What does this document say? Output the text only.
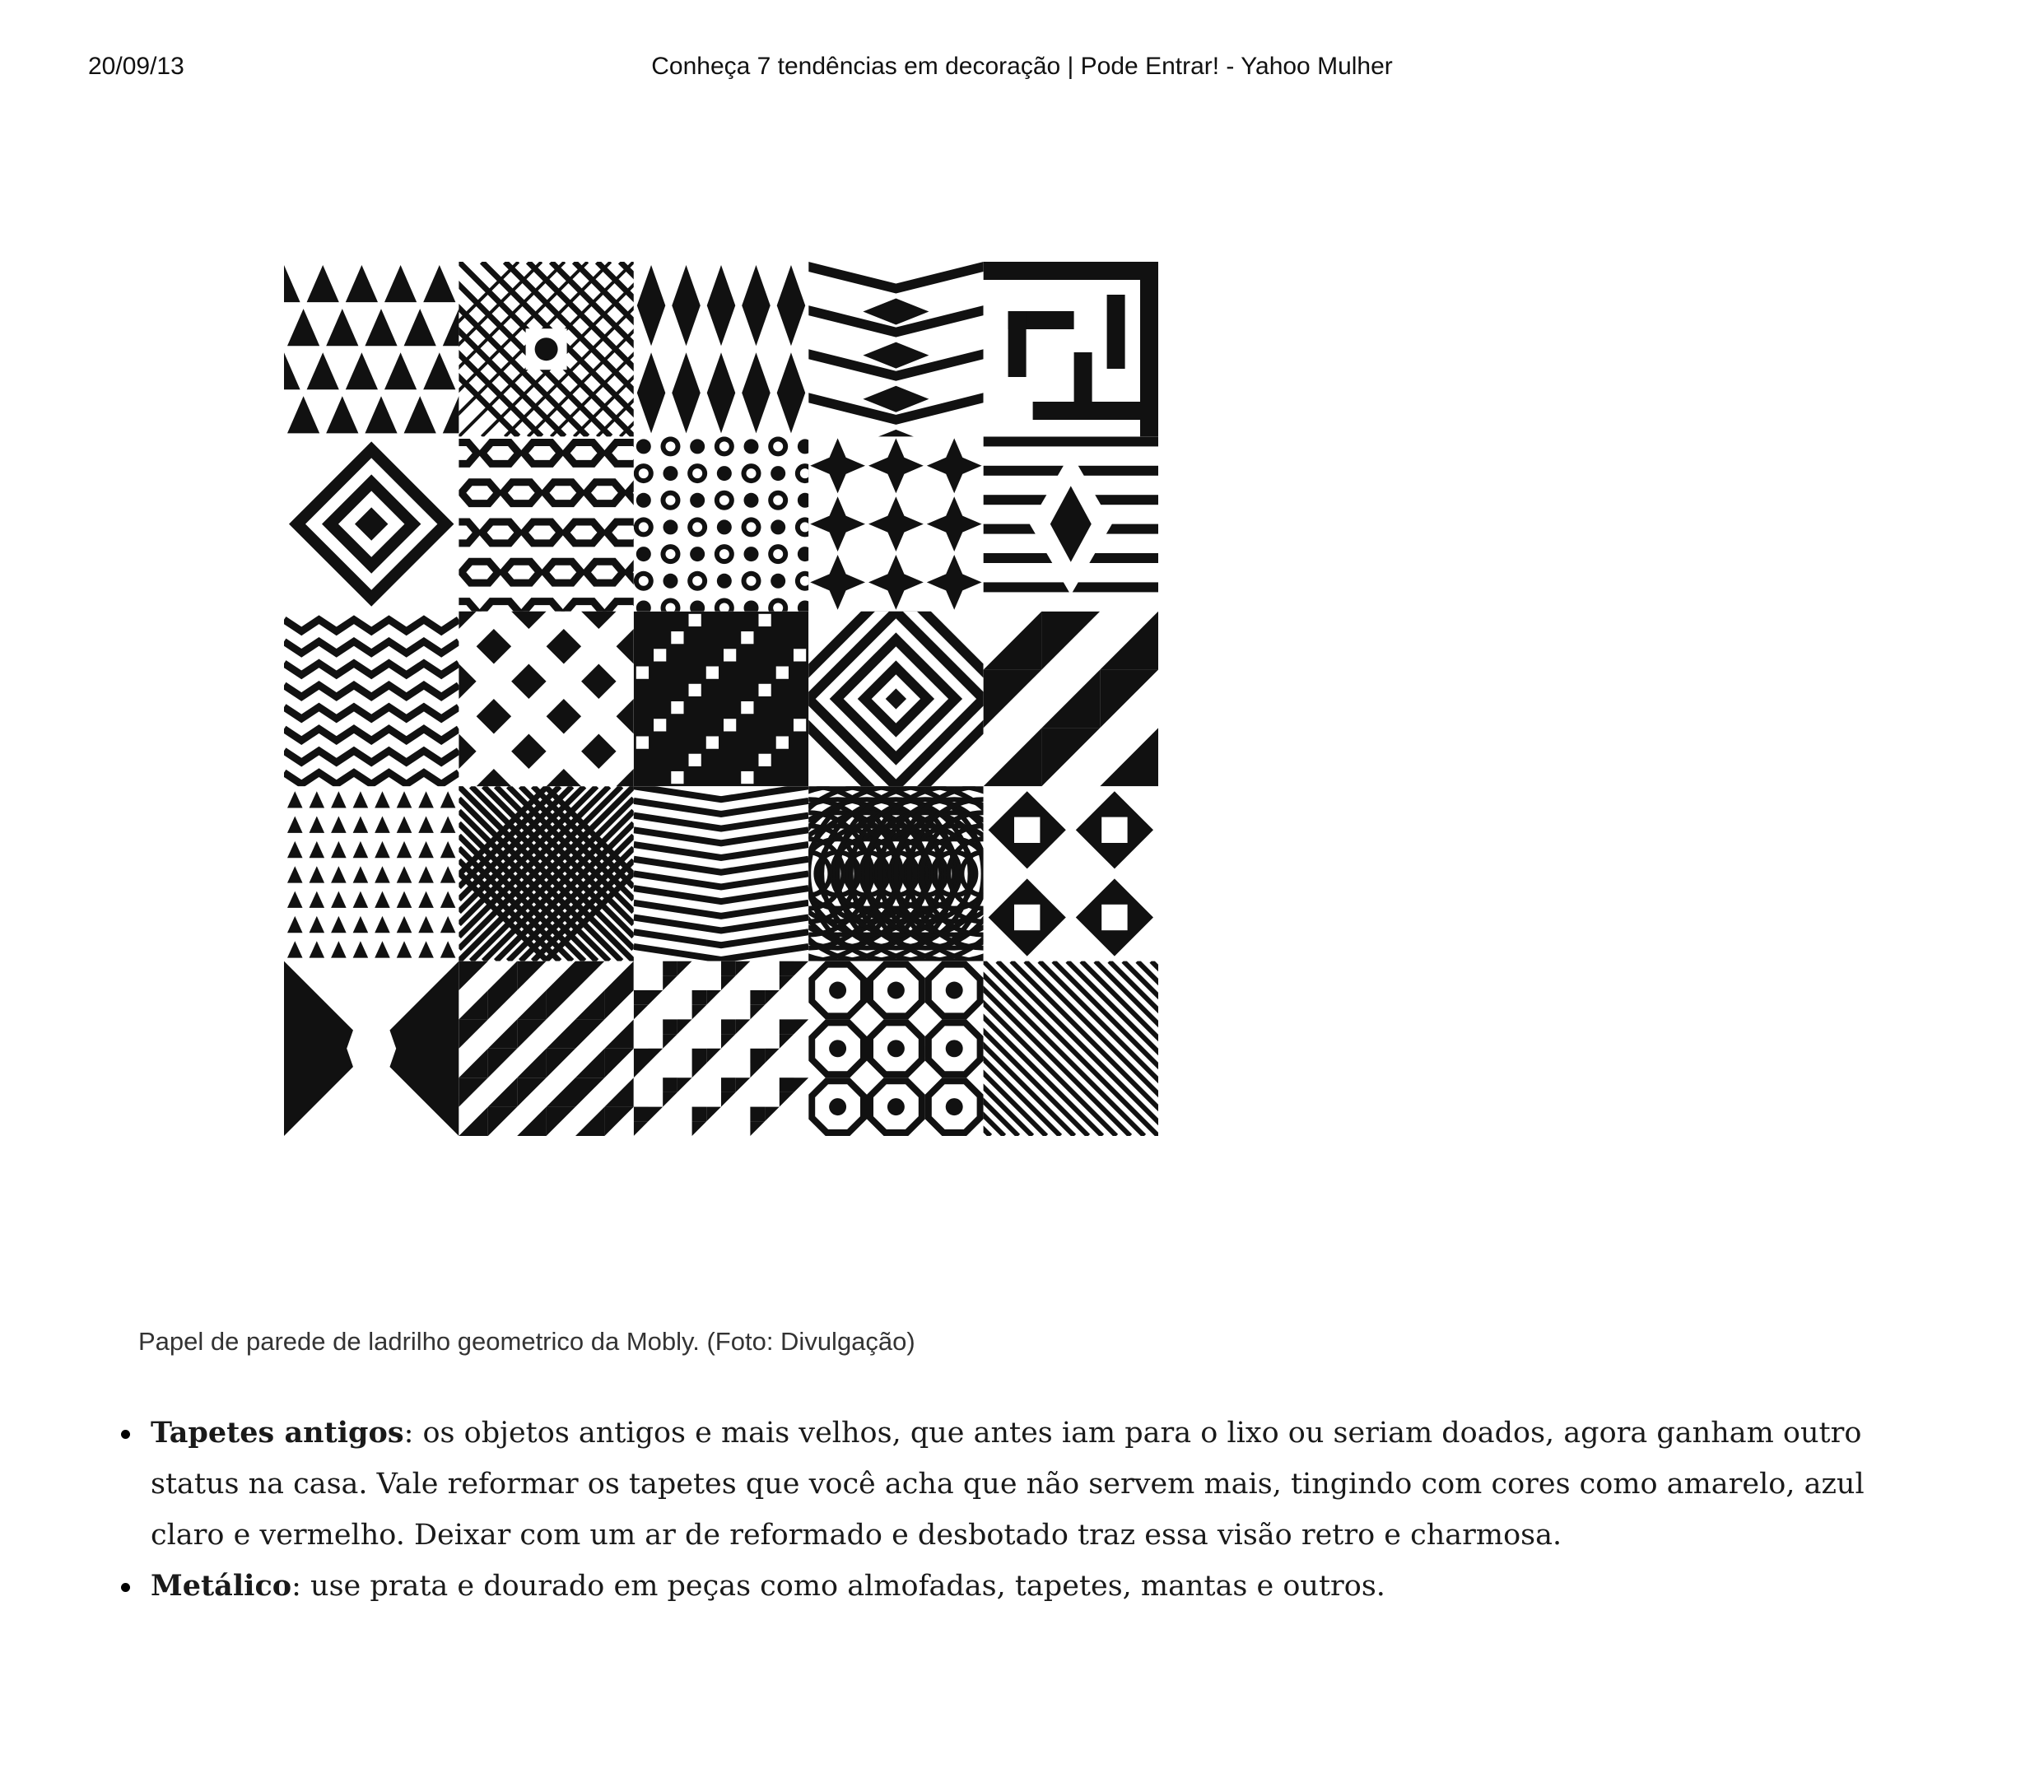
20/09/13	Conheça 7 tendências em decoração | Pode Entrar! - Yahoo Mulher
Papel de parede de ladrilho geometrico da Mobly. (Foto: Divulgação)
Tapetes antigos: os objetos antigos e mais velhos, que antes iam para o lixo ou seriam doados, agora ganham outro status na casa. Vale reformar os tapetes que você acha que não servem mais, tingindo com cores como amarelo, azul claro e vermelho. Deixar com um ar de reformado e desbotado traz essa visão retro e charmosa.
Metálico: use prata e dourado em peças como almofadas, tapetes, mantas e outros.
